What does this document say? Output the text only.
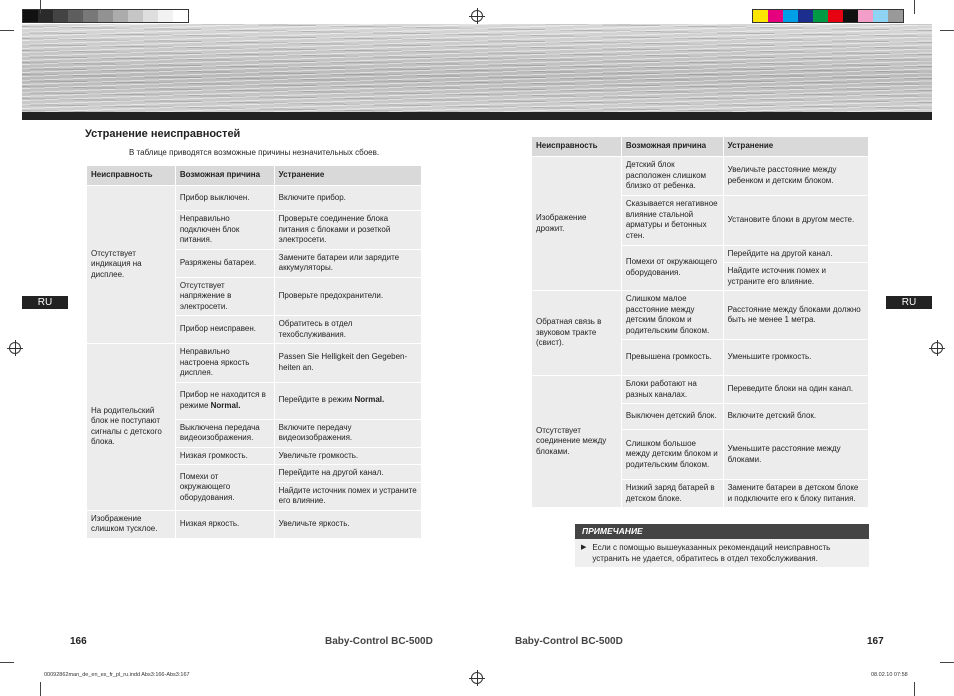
RU	RU
Устранение неисправностей
В таблице приводятся возможные причины незначительных сбоев.
Неисправность	Возможная причина	Устранение
Отсутствует индикация на дисплее.	Прибор выключен.	Включите прибор.
	Неправильно подключен блок питания.	Проверьте соединение блока питания с блоками и розеткой электросети.
	Разряжены батареи.	Замените батареи или зарядите аккумуляторы.
	Отсутствует напряжение в электросети.	Проверьте предохранители.
	Прибор неисправен.	Обратитесь в отдел техобслуживания.
На родительский блок не поступают сигналы с детского блока.	Неправильно настроена яркость дисплея.	Passen Sie Helligkeit den Gegeben-heiten an.
	Прибор не находится в режиме Normal.	Перейдите в режим Normal.
	Выключена передача видеоизображения.	Включите передачу видеоизображения.
	Низкая громкость.	Увеличьте громкость.
	Помехи от окружающего оборудования.	Перейдите на другой канал.
		Найдите источник помех и устраните его влияние.
Изображение слишком тусклое.	Низкая яркость.	Увеличьте яркость.
Неисправность	Возможная причина	Устранение
Изображение дрожит.	Детский блок расположен слишком близко от ребенка.	Увеличьте расстояние между ребенком и детским блоком.
	Сказывается негативное влияние стальной арматуры и бетонных стен.	Установите блоки в другом месте.
	Помехи от окружающего оборудования.	Перейдите на другой канал.
		Найдите источник помех и устраните его влияние.
Обратная связь в звуковом тракте (свист).	Слишком малое расстояние между детским блоком и родительским блоком.	Расстояние между блоками должно быть не менее 1 метра.
	Превышена громкость.	Уменьшите громкость.
Отсутствует соединение между блоками.	Блоки работают на разных каналах.	Переведите блоки на один канал.
	Выключен детский блок.	Включите детский блок.
	Слишком большое между детским блоком и родительским блоком.	Уменьшите расстояние между блоками.
	Низкий заряд батарей в детском блоке.	Замените батареи в детском блоке и подключите его к блоку питания.
ПРИМЕЧАНИЕ
▶ Если с помощью вышеуказанных рекомендаций неисправность устранить не удается, обратитесь в отдел техобслуживания.
166	Baby-Control BC-500D	Baby-Control BC-500D	167
00092862man_de_en_es_fr_pl_ru.indd Abs3:166-Abs3:167	08.02.10 07:58
